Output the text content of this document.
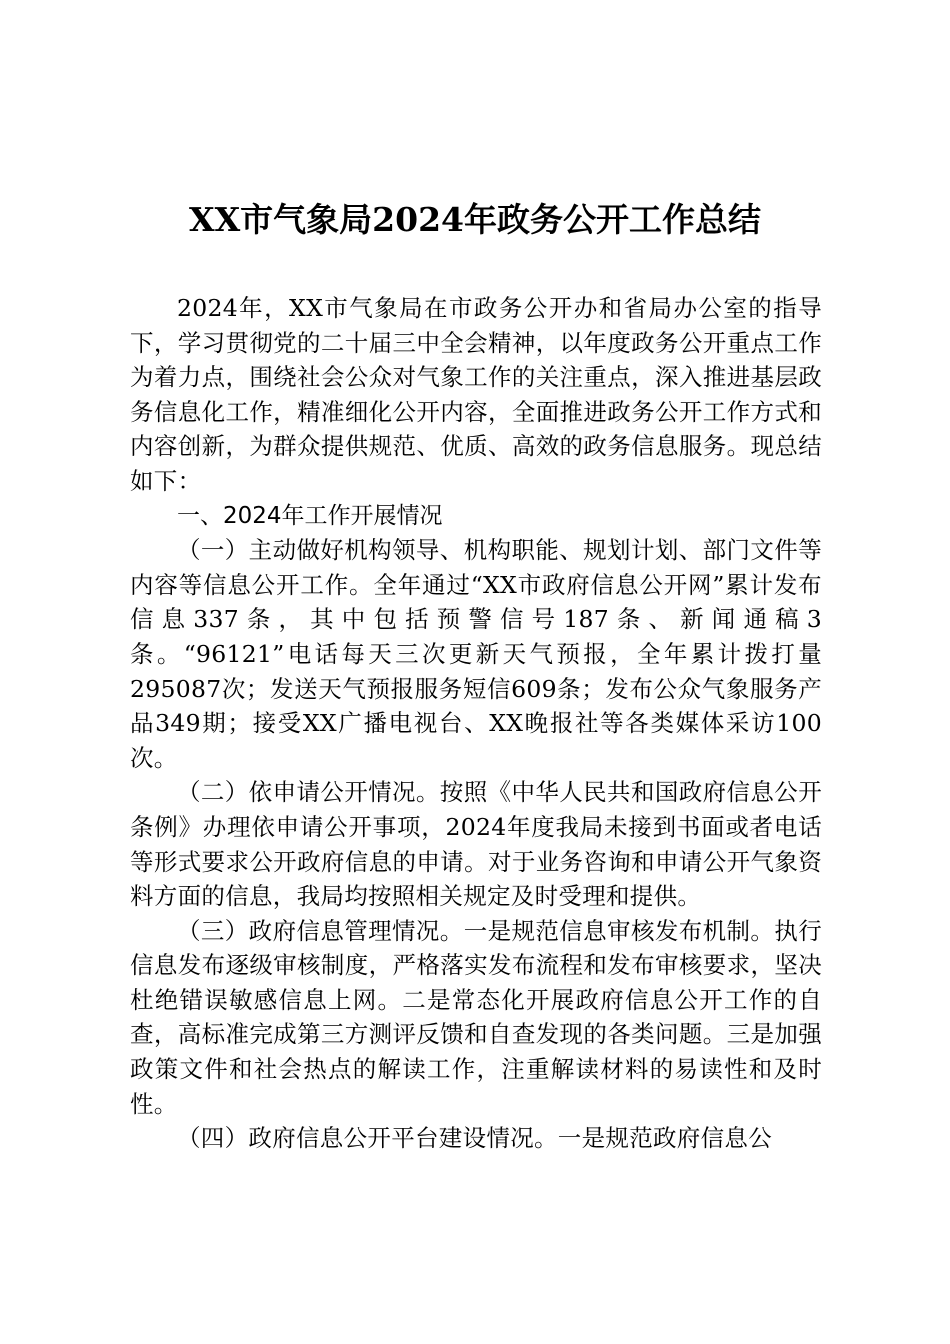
XX市气象局2024年政务公开工作总结

2024年，XX市气象局在市政务公开办和省局办公室的指导下，学习贯彻党的二十届三中全会精神，以年度政务公开重点工作为着力点，围绕社会公众对气象工作的关注重点，深入推进基层政务信息化工作，精准细化公开内容，全面推进政务公开工作方式和内容创新，为群众提供规范、优质、高效的政务信息服务。现总结如下：

一、2024年工作开展情况

（一）主动做好机构领导、机构职能、规划计划、部门文件等内容等信息公开工作。全年通过“XX市政府信息公开网”累计发布信息337条，其中包括预警信号187条、新闻通稿3条。“96121”电话每天三次更新天气预报，全年累计拨打量295087次；发送天气预报服务短信609条；发布公众气象服务产品349期；接受XX广播电视台、XX晚报社等各类媒体采访100次。

（二）依申请公开情况。按照《中华人民共和国政府信息公开条例》办理依申请公开事项，2024年度我局未接到书面或者电话等形式要求公开政府信息的申请。对于业务咨询和申请公开气象资料方面的信息，我局均按照相关规定及时受理和提供。

（三）政府信息管理情况。一是规范信息审核发布机制。执行信息发布逐级审核制度，严格落实发布流程和发布审核要求，坚决杜绝错误敏感信息上网。二是常态化开展政府信息公开工作的自查，高标准完成第三方测评反馈和自查发现的各类问题。三是加强政策文件和社会热点的解读工作，注重解读材料的易读性和及时性。

（四）政府信息公开平台建设情况。一是规范政府信息公
